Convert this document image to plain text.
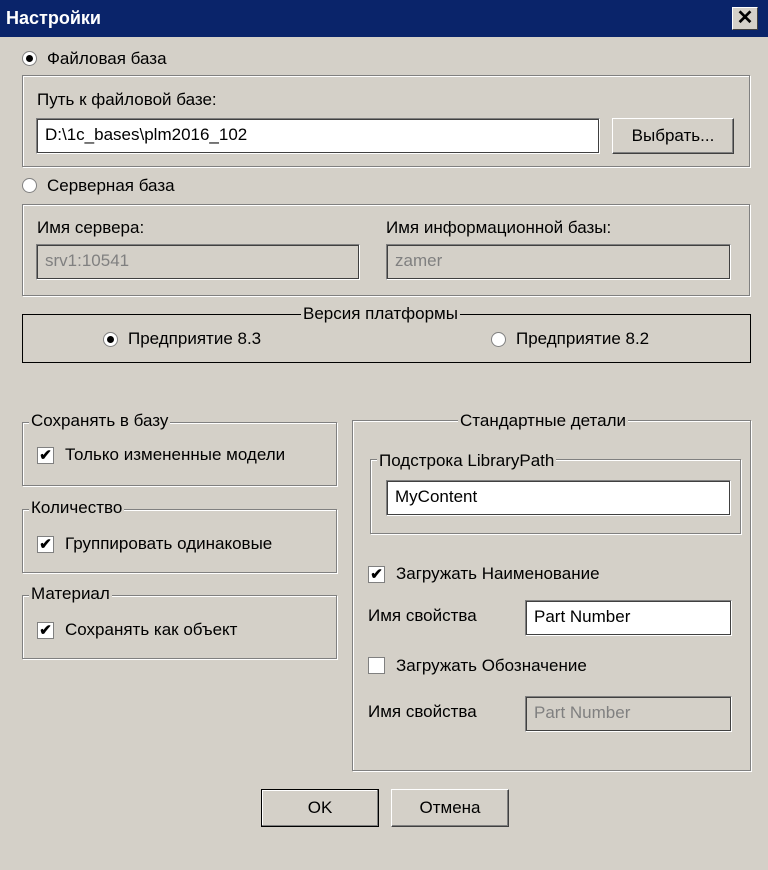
Настройки	✕
Файловая база
Путь к файловой базе:
D:\1c_bases\plm2016_102	Выбрать...
Серверная база
Имя сервера:
srv1:10541
Имя информационной базы:
zamer
Версия платформы
Предприятие 8.3	Предприятие 8.2
Сохранять в базу
✔ Только измененные модели
Количество
✔ Группировать одинаковые
Материал
✔ Сохранять как объект
Стандартные детали
Подстрока LibraryPath
MyContent
✔ Загружать Наименование
Имя свойства	Part Number
Загружать Обозначение
Имя свойства	Part Number
OK	Отмена
